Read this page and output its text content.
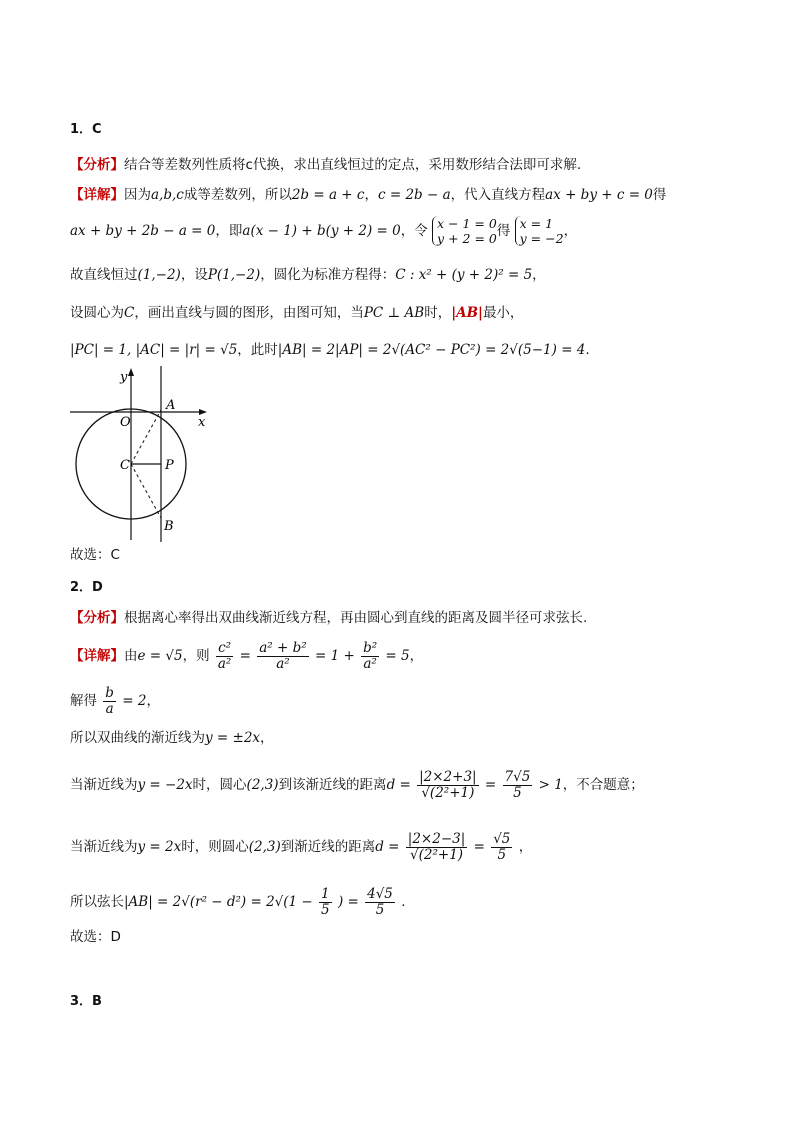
1．C
【分析】结合等差数列性质将c代换，求出直线恒过的定点，采用数形结合法即可求解.
【详解】因为a,b,c成等差数列，所以2b = a + c，c = 2b − a，代入直线方程ax + by + c = 0得
ax + by + 2b − a = 0，即a(x − 1) + b(y + 2) = 0，令 x − 1 = 0
y + 2 = 0 得 x = 1
y = −2 ，
故直线恒过(1,−2)，设P(1,−2)，圆化为标准方程得：C : x² + (y + 2)² = 5，
设圆心为C，画出直线与圆的图形，由图可知，当PC ⊥ AB时，|AB|最小，
|PC| = 1, |AC| = |r| = √5，此时|AB| = 2|AP| = 2√(AC² − PC²) = 2√(5−1) = 4.
y
x
O
A
C	P
B
故选：C
2．D
【分析】根据离心率得出双曲线渐近线方程，再由圆心到直线的距离及圆半径可求弦长.
【详解】由e = √5，则 $\frac{\text{c²}}{\text{a²}} = \frac{\text{a² + b²}}{\text{a²}} = 1 + \frac{\text{b²}}{\text{a²}} = 5$，
解得 $\frac{b}{a} = 2$，
所以双曲线的渐近线为y = ±2x，
当渐近线为y = −2x时，圆心(2,3)到该渐近线的距离$d = \frac{|2\times 2+3|}{\text{√(2²+1)}} = \frac{7√5}{5} > 1$，不合题意；
当渐近线为y = 2x时，则圆心(2,3)到渐近线的距离$d = \frac{|2\times 2-3|}{\text{√(2²+1)}} = \frac{√5}{5}$ ，
所以弦长$|AB| = 2√(r^2 - d^2) = 2√(1 - \frac{1}{5}$ ) = $\frac{4√5}{5}$ .
故选：D
3．B
